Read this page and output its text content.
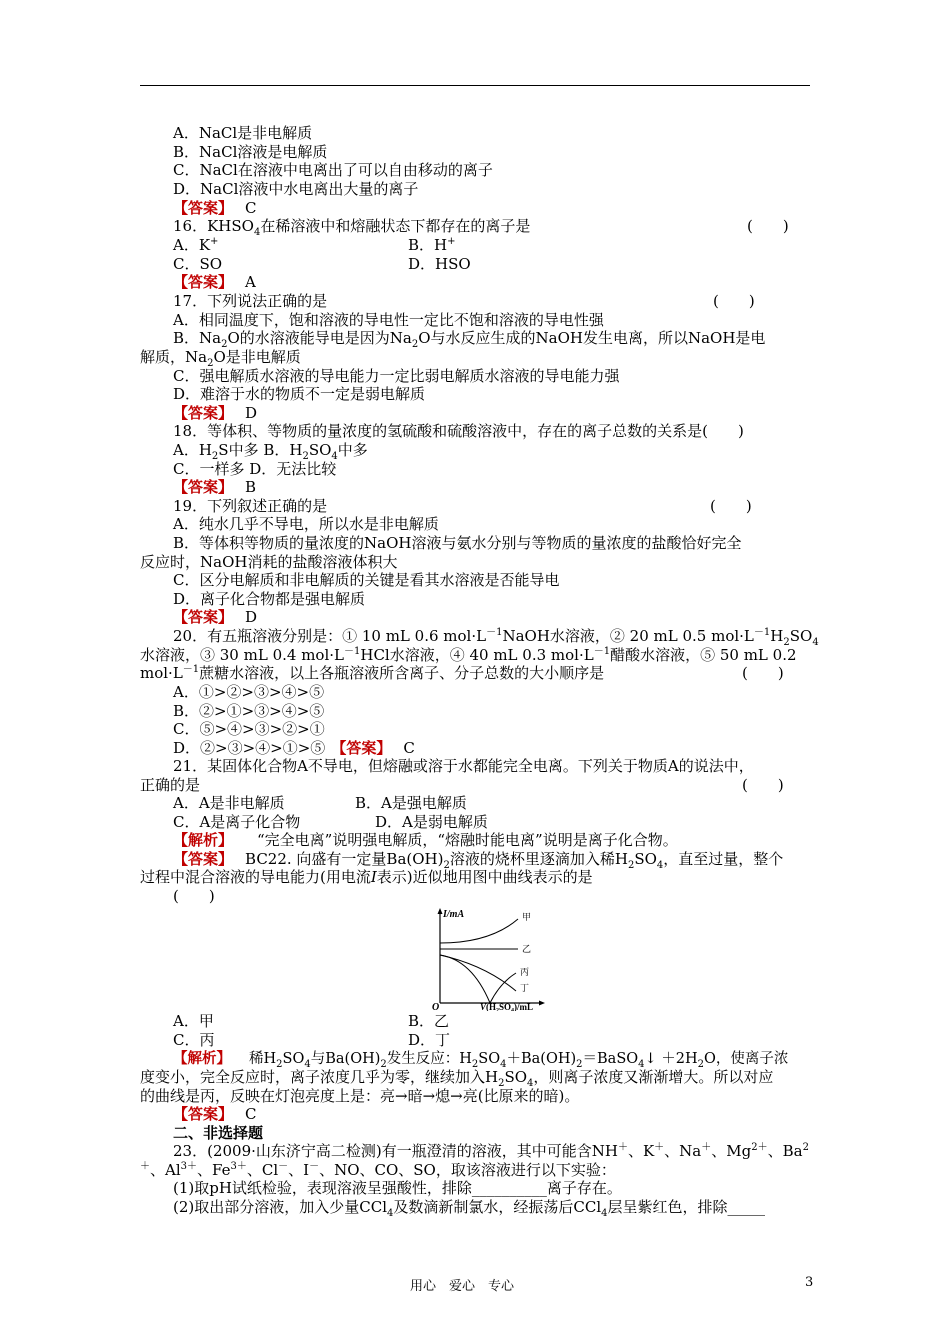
A．NaCl是非电解质
B．NaCl溶液是电解质
C．NaCl在溶液中电离出了可以自由移动的离子
D．NaCl溶液中水电离出大量的离子
【答案】 C
16．$KHSO_4$在稀溶液中和熔融状态下都存在的离子是	(　　)
A．K+	B．H+
C．SO	D．HSO
【答案】 A
17．下列说法正确的是	(　　)
A．相同温度下，饱和溶液的导电性一定比不饱和溶液的导电性强
B．$Na_2O$的水溶液能导电是因为$Na_2O$与水反应生成的NaOH发生电离，所以NaOH是电
解质，$Na_2O$是非电解质
C．强电解质水溶液的导电能力一定比弱电解质水溶液的导电能力强
D．难溶于水的物质不一定是弱电解质
【答案】 D
18．等体积、等物质的量浓度的氢硫酸和硫酸溶液中，存在的离子总数的关系是(　　)
A．$H_2S$中多 B．$H_2SO_4$中多
C．一样多 D．无法比较
【答案】 B
19．下列叙述正确的是	(　　)
A．纯水几乎不导电，所以水是非电解质
B．等体积等物质的量浓度的NaOH溶液与氨水分别与等物质的量浓度的盐酸恰好完全
反应时，NaOH消耗的盐酸溶液体积大
C．区分电解质和非电解质的关键是看其水溶液是否能导电
D．离子化合物都是强电解质
【答案】 D
20．有五瓶溶液分别是：① 10 mL 0.6 $mol\cdot L^{-1}NaOH$水溶液，② 20 mL 0.5 $mol\cdot L^{-1}H_2SO_4$
水溶液，③ 30 mL 0.4 $mol\cdot L^{-1}HCl$水溶液，④ 40 mL 0.3 $mol\cdot L^{-1}$醋酸水溶液，⑤ 50 mL 0.2
$mol\cdot L^{-1}$蔗糖水溶液，以上各瓶溶液所含离子、分子总数的大小顺序是	(　　)
A．①>②>③>④>⑤
B．②>①>③>④>⑤
C．⑤>④>③>②>①
D．②>③>④>①>⑤ 【答案】 C
21．某固体化合物A不导电，但熔融或溶于水都能完全电离。下列关于物质A的说法中，
正确的是	(　　)
A．A是非电解质	B．A是强电解质
C．A是离子化合物	D．A是弱电解质
【解析】 “完全电离”说明强电解质，“熔融时能电离”说明是离子化合物。
【答案】 BC22. 向盛有一定量$Ba(OH)_2$溶液的烧杯里逐滴加入稀$H_2SO_4$，直至过量，整个
过程中混合溶液的导电能力(用电流I表示)近似地用图中曲线表示的是
(　　)
I/mA
O	$V(H_2SO_4)/mL$
甲
乙
丙
丁
A．甲	B．乙
C．丙	D．丁
【解析】 稀$H_2SO_4$与$Ba(OH)_2$发生反应：$H_2SO_4+Ba(OH)_2=BaSO_4↓ +2H_2O$，使离子浓
度变小，完全反应时，离子浓度几乎为零，继续加入$H_2SO_4$，则离子浓度又渐渐增大。所以对应
的曲线是丙，反映在灯泡亮度上是：亮→暗→熄→亮(比原来的暗)。
【答案】 C
二、非选择题
23．(2009·山东济宁高二检测)有一瓶澄清的溶液，其中可能含NH＋、K＋、Na＋、$Mg^{2+}$、Ba$^2$
＋、$Al^{3+}$、$Fe^{3+}$、Cl－、I－、NO、CO、SO，取该溶液进行以下实验：
(1)取pH试纸检验，表现溶液呈强酸性，排除__________离子存在。
(2)取出部分溶液，加入少量CCl$_4$及数滴新制氯水，经振荡后CCl$_4$层呈紫红色，排除_____
用心　爱心　专心	3
